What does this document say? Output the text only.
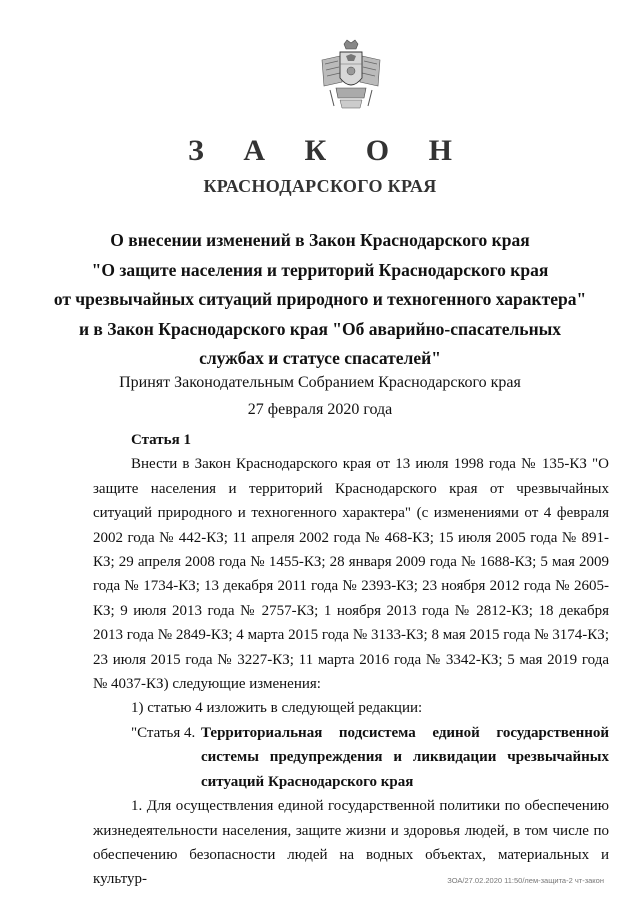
З А К О Н
КРАСНОДАРСКОГО КРАЯ
О внесении изменений в Закон Краснодарского края
"О защите населения и территорий Краснодарского края
от чрезвычайных ситуаций природного и техногенного характера"
и в Закон Краснодарского края "Об аварийно-спасательных
службах и статусе спасателей"
Принят Законодательным Собранием Краснодарского края
27 февраля 2020 года

Статья 1

Внести в Закон Краснодарского края от 13 июля 1998 года № 135-КЗ "О защите населения и территорий Краснодарского края от чрезвычайных ситуаций природного и техногенного характера" (с изменениями от 4 февраля 2002 года № 442-КЗ; 11 апреля 2002 года № 468-КЗ; 15 июля 2005 года № 891-КЗ; 29 апреля 2008 года № 1455-КЗ; 28 января 2009 года № 1688-КЗ; 5 мая 2009 года № 1734-КЗ; 13 декабря 2011 года № 2393-КЗ; 23 ноября 2012 года № 2605-КЗ; 9 июля 2013 года № 2757-КЗ; 1 ноября 2013 года № 2812-КЗ; 18 декабря 2013 года № 2849-КЗ; 4 марта 2015 года № 3133-КЗ; 8 мая 2015 года № 3174-КЗ; 23 июля 2015 года № 3227-КЗ; 11 марта 2016 года № 3342-КЗ; 5 мая 2019 года № 4037-КЗ) следующие изменения:

1) статью 4 изложить в следующей редакции:

"Статья 4. Территориальная подсистема единой государственной системы предупреждения и ликвидации чрезвычайных ситуаций Краснодарского края

1. Для осуществления единой государственной политики по обеспечению жизнедеятельности населения, защите жизни и здоровья людей, в том числе по обеспечению безопасности людей на водных объектах, материальных и культур-	ЗОА/27.02.2020 11:50/лем-защита-2 чт-закон
